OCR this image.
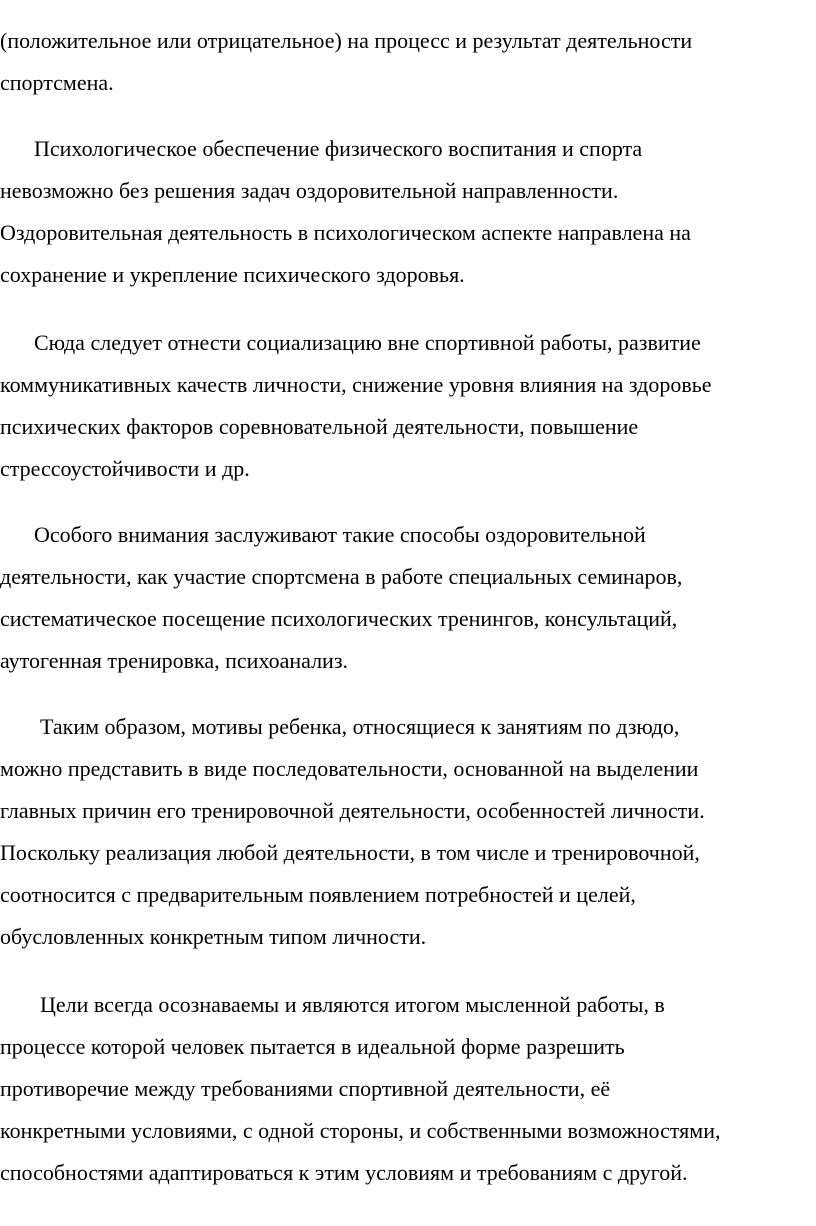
(положительное или отрицательное) на процесс и результат деятельности
спортсмена.
Психологическое обеспечение физического воспитания и спорта
невозможно без решения задач оздоровительной направленности.
Оздоровительная деятельность в психологическом аспекте направлена на
сохранение и укрепление психического здоровья.
Сюда следует отнести социализацию вне спортивной работы, развитие
коммуникативных качеств личности, снижение уровня влияния на здоровье
психических факторов соревновательной деятельности, повышение
стрессоустойчивости и др.
Особого внимания заслуживают такие способы оздоровительной
деятельности, как участие спортсмена в работе специальных семинаров,
систематическое посещение психологических тренингов, консультаций,
аутогенная тренировка, психоанализ.
Таким образом, мотивы ребенка, относящиеся к занятиям по дзюдо,
можно представить в виде последовательности, основанной на выделении
главных причин его тренировочной деятельности, особенностей личности.
Поскольку реализация любой деятельности, в том числе и тренировочной,
соотносится с предварительным появлением потребностей и целей,
обусловленных конкретным типом личности.
Цели всегда осознаваемы и являются итогом мысленной работы, в
процессе которой человек пытается в идеальной форме разрешить
противоречие между требованиями спортивной деятельности, её
конкретными условиями, с одной стороны, и собственными возможностями,
способностями адаптироваться к этим условиям и требованиям с другой.
